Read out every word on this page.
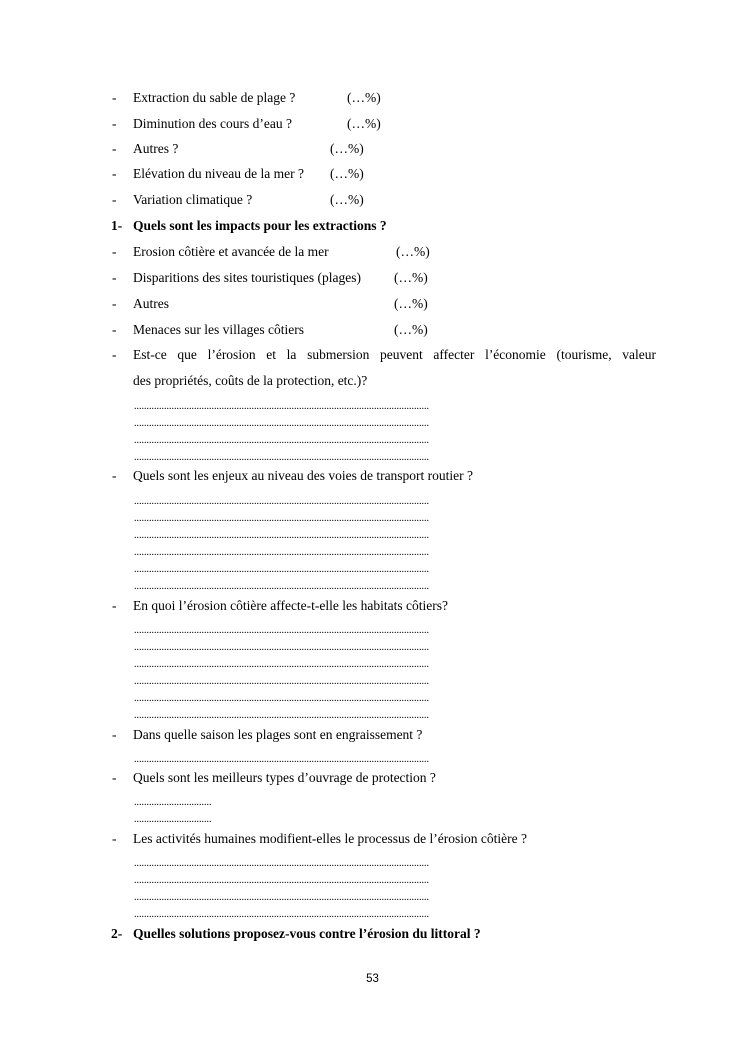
- Extraction du sable de plage ?	(…%)
- Diminution des cours d’eau ?	(…%)
- Autres ?	(…%)
- Elévation du niveau de la mer ? (…%)
- Variation climatique ?	(…%)
1- Quels sont les impacts pour les extractions ?
- Erosion côtière et avancée de la mer	(…%)
- Disparitions des sites touristiques (plages) (…%)
- Autres	(…%)
- Menaces sur les villages côtiers	(…%)
- Est-ce que l’érosion et la submersion peuvent affecter l’économie (tourisme, valeur
des propriétés, coûts de la protection, etc.)?
......................................................................................................................
......................................................................................................................
......................................................................................................................
......................................................................................................................
- Quels sont les enjeux au niveau des voies de transport routier ?
......................................................................................................................
......................................................................................................................
......................................................................................................................
......................................................................................................................
......................................................................................................................
......................................................................................................................
- En quoi l’érosion côtière affecte-t-elle les habitats côtiers?
......................................................................................................................
......................................................................................................................
......................................................................................................................
......................................................................................................................
......................................................................................................................
......................................................................................................................
- Dans quelle saison les plages sont en engraissement ?
......................................................................................................................
- Quels sont les meilleurs types d’ouvrage de protection ?
...............................
...............................
- Les activités humaines modifient-elles le processus de l’érosion côtière ?
......................................................................................................................
......................................................................................................................
......................................................................................................................
......................................................................................................................
2- Quelles solutions proposez-vous contre l’érosion du littoral ?
53
